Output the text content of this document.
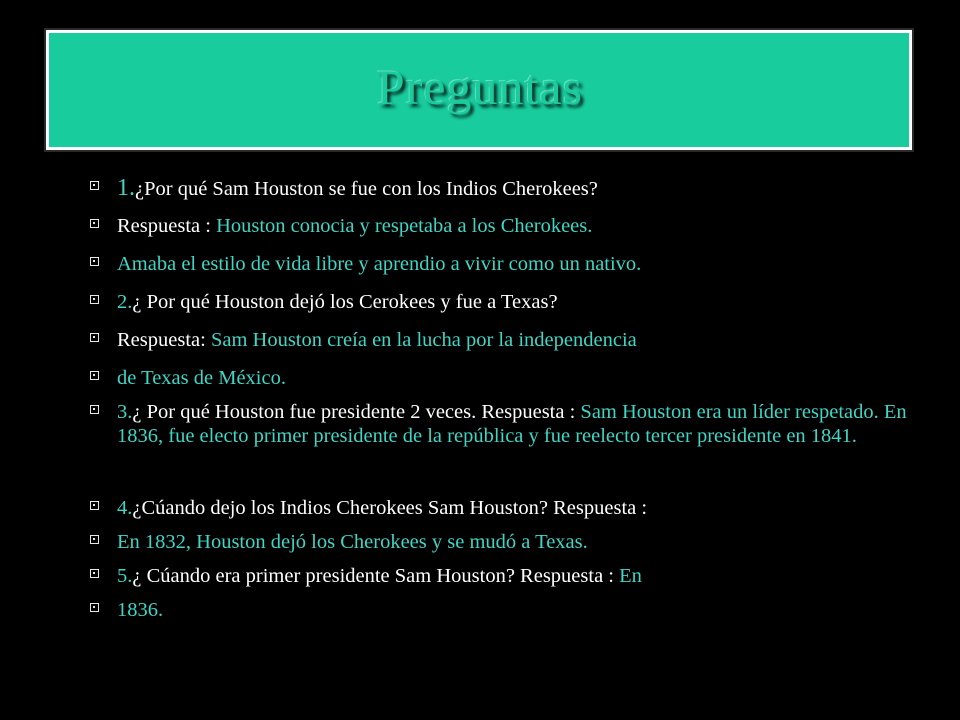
Preguntas
1.¿Por qué Sam Houston se fue con los Indios Cherokees?
Respuesta : Houston conocia y respetaba a los Cherokees.
Amaba el estilo de vida libre y aprendio a vivir como un nativo.
2.¿ Por qué Houston dejó los Cerokees y fue a Texas?
Respuesta: Sam Houston creía en la lucha por la independencia
de Texas de México.
3.¿ Por qué Houston fue presidente 2 veces. Respuesta : Sam Houston era un líder respetado. En 1836, fue electo primer presidente de la república y fue reelecto tercer presidente en 1841.
4.¿Cúando dejo los Indios Cherokees Sam Houston? Respuesta :
En 1832, Houston dejó los Cherokees y se mudó a Texas.
5.¿ Cúando era primer presidente Sam Houston? Respuesta : En
1836.
